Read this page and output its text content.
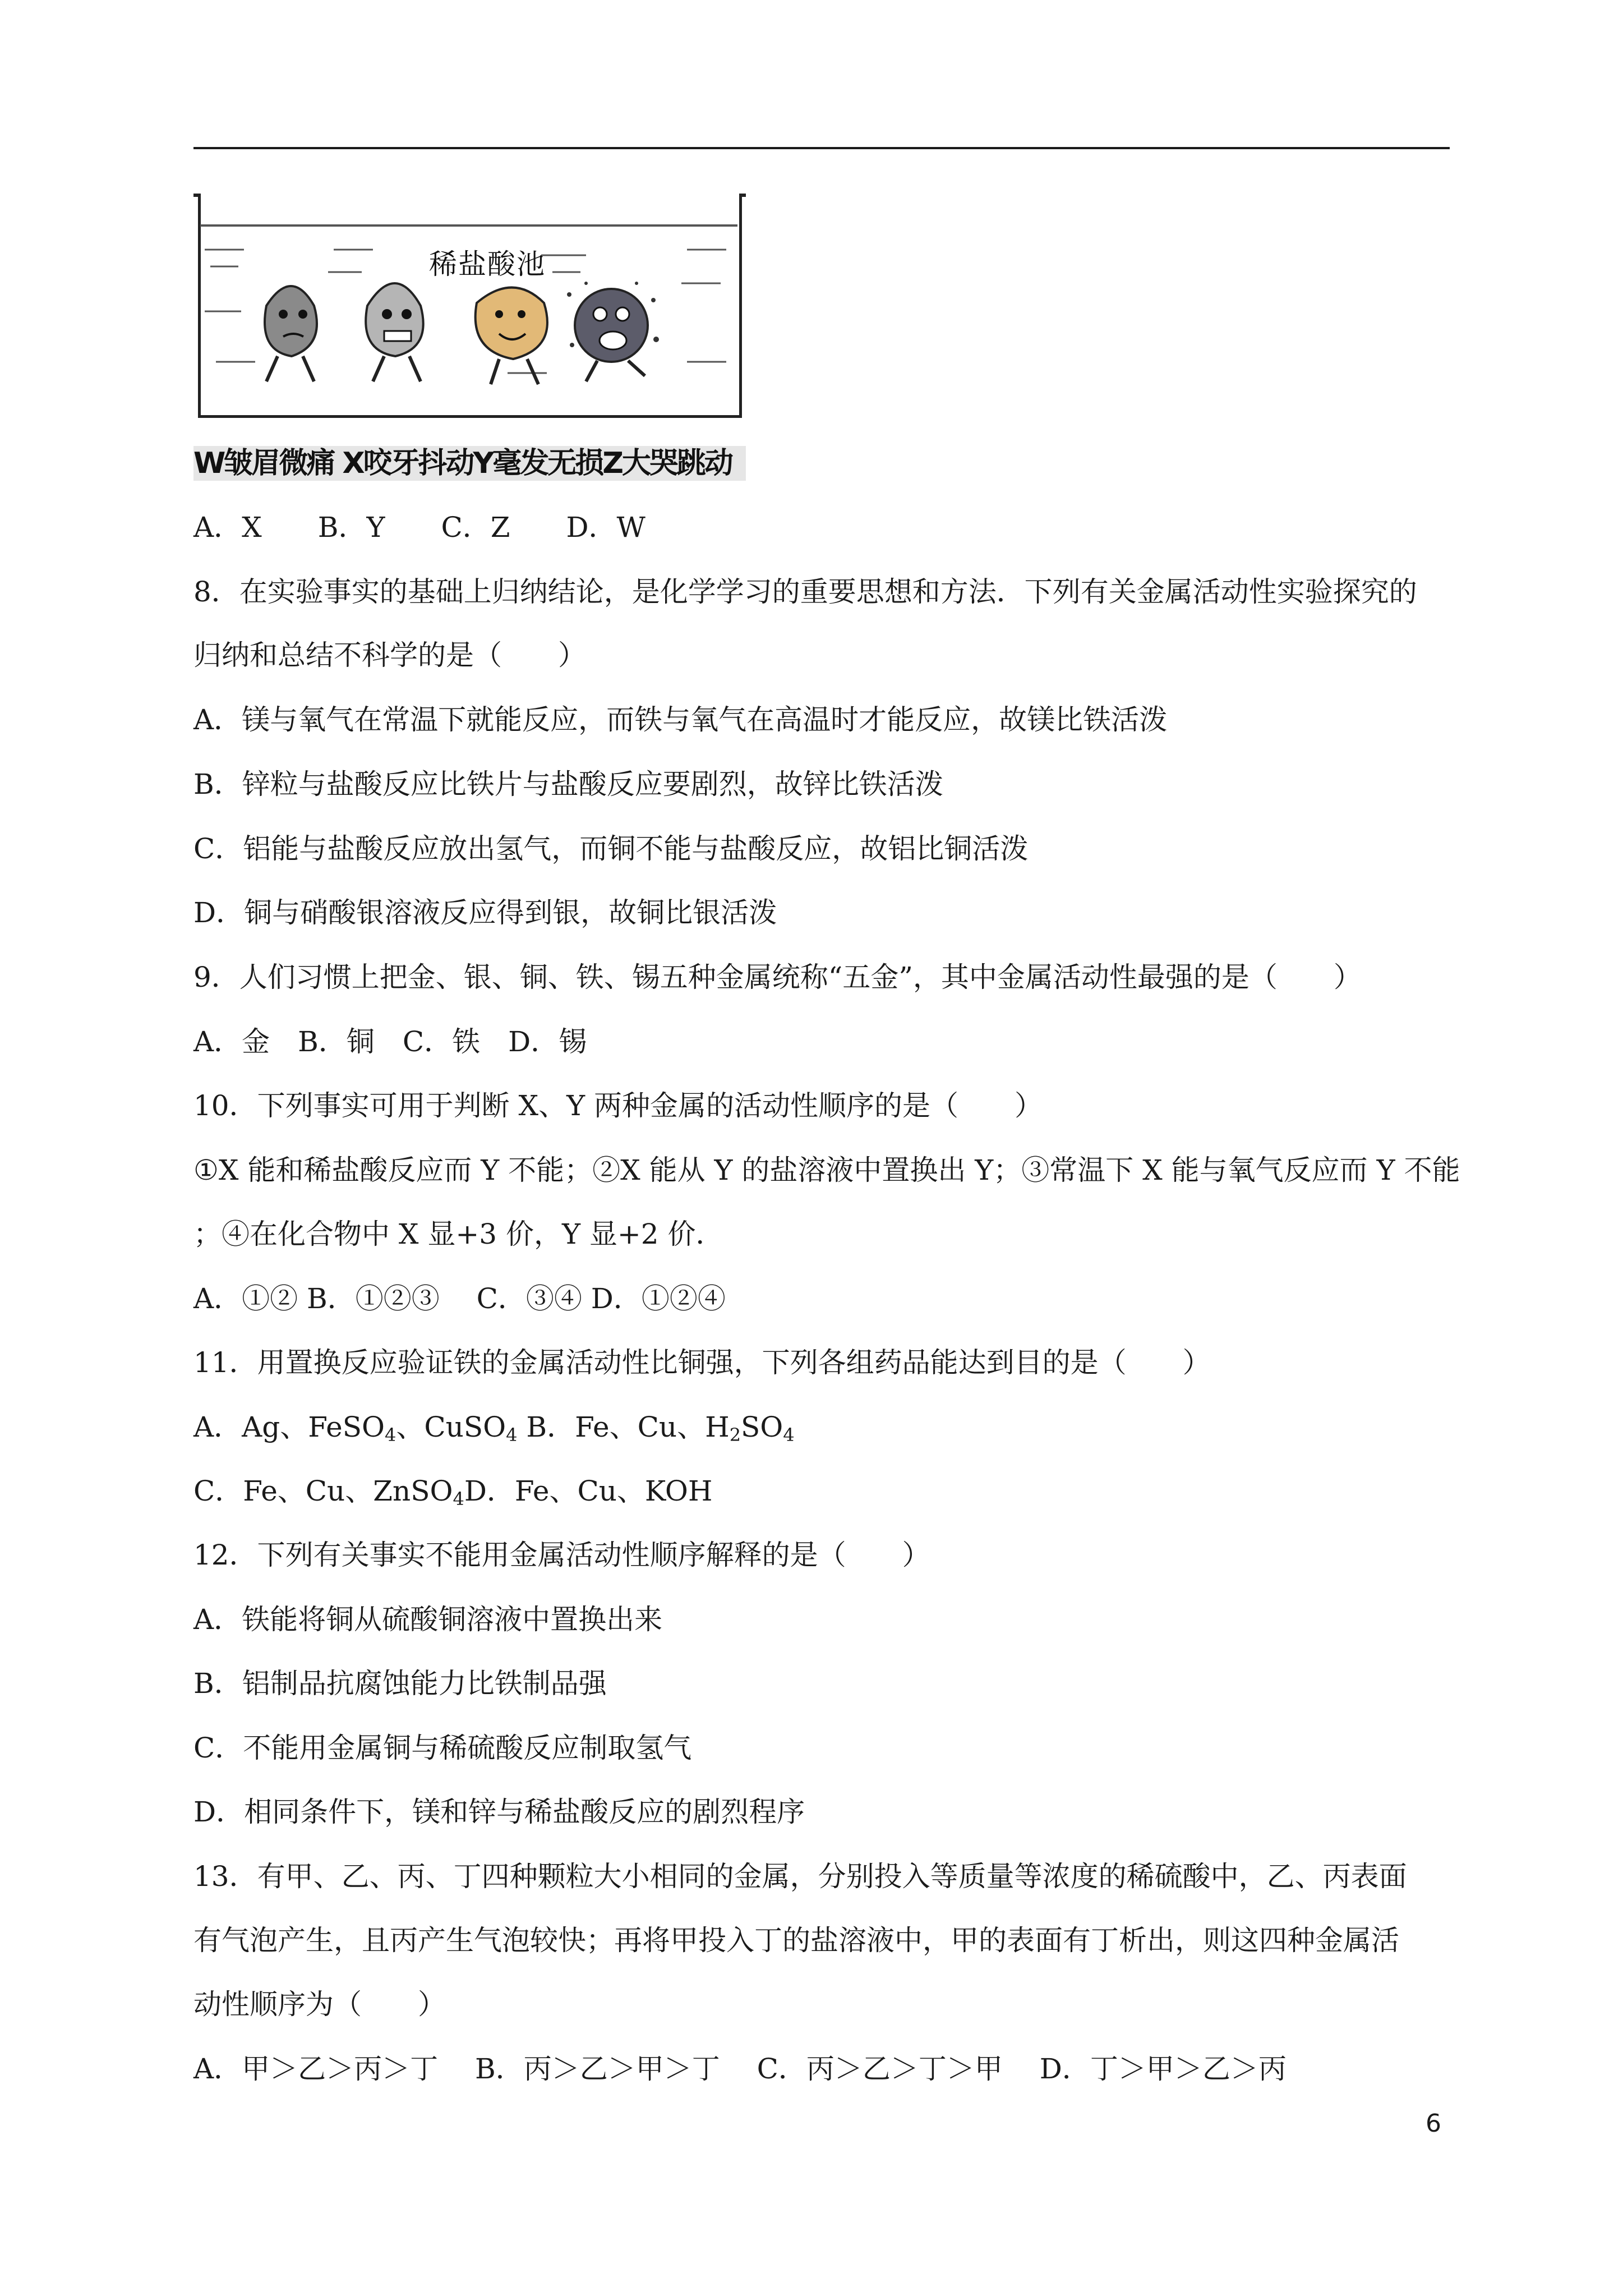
稀盐酸池
W皱眉微痛 X咬牙抖动Y毫发无损Z大哭跳动
A．X　　B．Y　　C．Z　　D．W
8．在实验事实的基础上归纳结论，是化学学习的重要思想和方法．下列有关金属活动性实验探究的
归纳和总结不科学的是（　　）
A．镁与氧气在常温下就能反应，而铁与氧气在高温时才能反应，故镁比铁活泼
B．锌粒与盐酸反应比铁片与盐酸反应要剧烈，故锌比铁活泼
C．铝能与盐酸反应放出氢气，而铜不能与盐酸反应，故铝比铜活泼
D．铜与硝酸银溶液反应得到银，故铜比银活泼
9．人们习惯上把金、银、铜、铁、锡五种金属统称“五金”，其中金属活动性最强的是（　　）
A．金　B．铜　C．铁　D．锡
10．下列事实可用于判断 X、Y 两种金属的活动性顺序的是（　　）
①X 能和稀盐酸反应而 Y 不能；②X 能从 Y 的盐溶液中置换出 Y；③常温下 X 能与氧气反应而 Y 不能
；④在化合物中 X 显+3 价，Y 显+2 价．
A．①② B．①②③　 C．③④ D．①②④
11．用置换反应验证铁的金属活动性比铜强，下列各组药品能达到目的是（　　）
A．Ag、FeSO$_4$、CuSO$_4$ B．Fe、Cu、$H_2SO_4$
C．Fe、Cu、ZnSO$_4$D．Fe、Cu、KOH
12．下列有关事实不能用金属活动性顺序解释的是（　　）
A．铁能将铜从硫酸铜溶液中置换出来
B．铝制品抗腐蚀能力比铁制品强
C．不能用金属铜与稀硫酸反应制取氢气
D．相同条件下，镁和锌与稀盐酸反应的剧烈程序
13．有甲、乙、丙、丁四种颗粒大小相同的金属，分别投入等质量等浓度的稀硫酸中，乙、丙表面
有气泡产生，且丙产生气泡较快；再将甲投入丁的盐溶液中，甲的表面有丁析出，则这四种金属活
动性顺序为（　　）
A．甲＞乙＞丙＞丁　 B．丙＞乙＞甲＞丁　 C．丙＞乙＞丁＞甲　 D．丁＞甲＞乙＞丙
6
